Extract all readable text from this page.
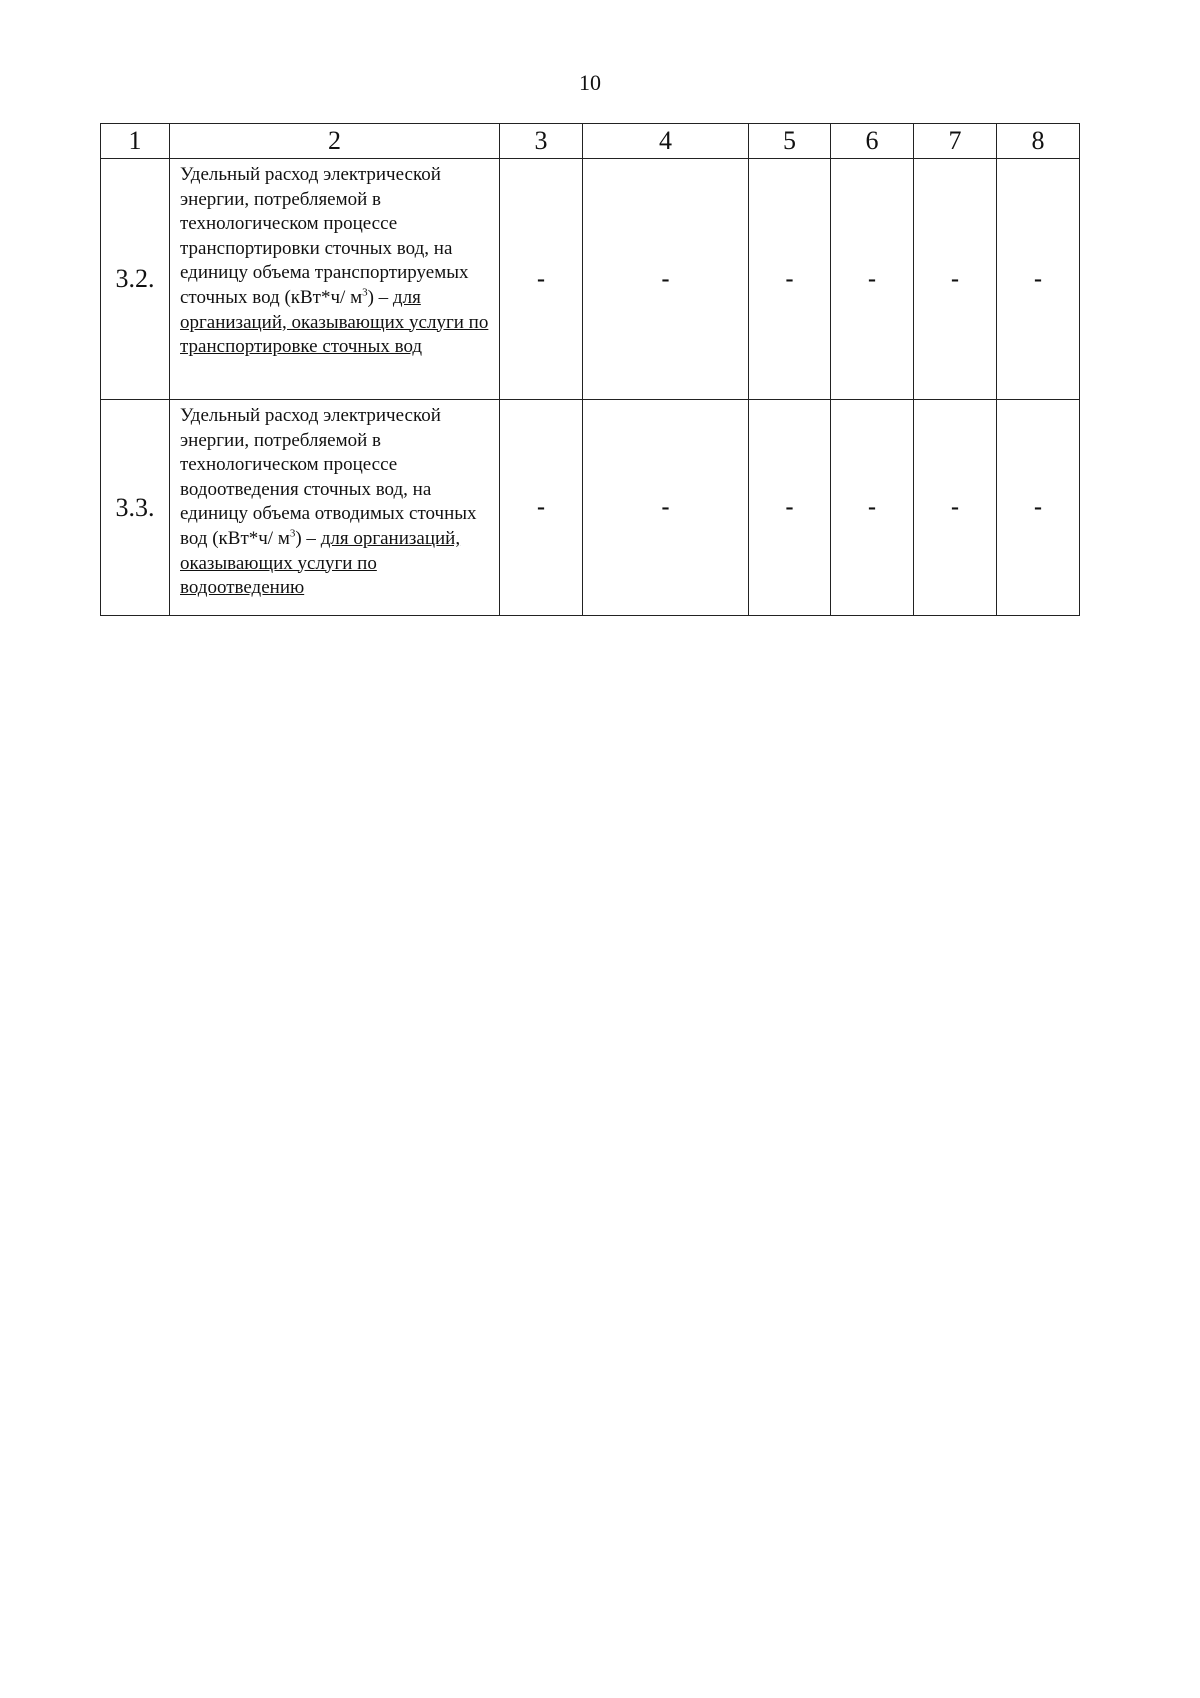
10
1	2	3	4	5	6	7	8
3.2.	Удельный расход электрической энергии, потребляемой в технологическом процессе транспортировки сточных вод, на единицу объема транспортируемых сточных вод (кВт*ч/ $м^3$) – для организаций, оказывающих услуги по транспортировке сточных вод	-	-	-	-	-	-
3.3.	Удельный расход электрической энергии, потребляемой в технологическом процессе водоотведения сточных вод, на единицу объема отводимых сточных вод (кВт*ч/ $м^3$) – для организаций, оказывающих услуги по водоотведению	-	-	-	-	-	-
